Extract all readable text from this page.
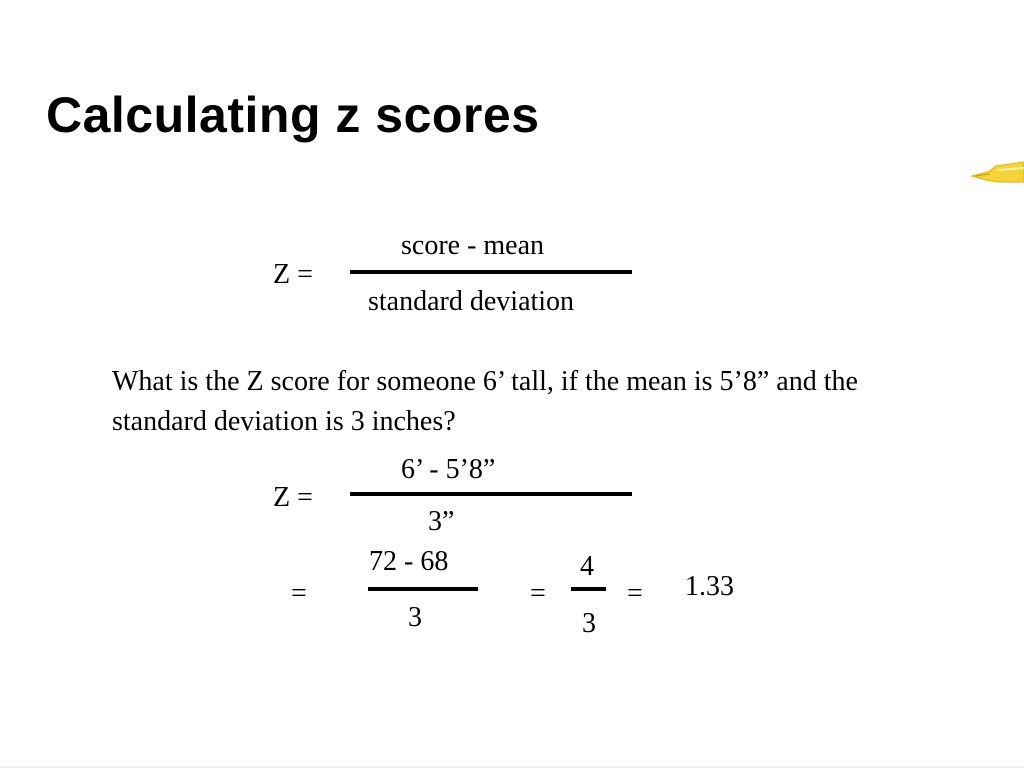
Calculating z scores
Z =
score - mean
standard deviation
What is the Z score for someone 6’ tall, if the mean is 5’8” and the standard deviation is 3 inches?
Z =
6’ - 5’8”
3”
=
72 - 68
3
=
4
3
= 1.33
